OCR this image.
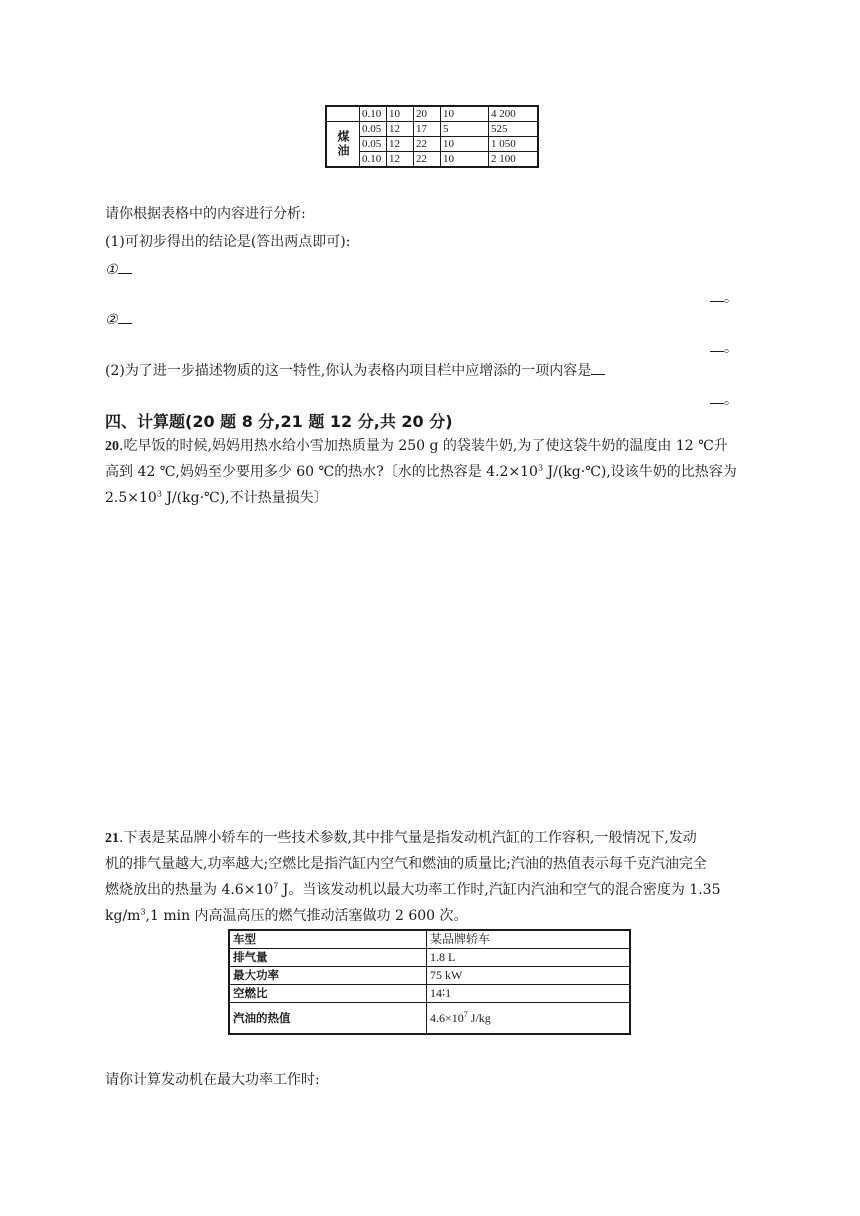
	0.10	10	20	10	4 200
煤油	0.05	12	17	5	525
	0.05	12	22	10	1 050
	0.10	12	22	10	2 100
请你根据表格中的内容进行分析:
(1)可初步得出的结论是(答出两点即可):
①
。
②
。
(2)为了进一步描述物质的这一特性,你认为表格内项目栏中应增添的一项内容是
。
四、计算题(20 题 8 分,21 题 12 分,共 20 分)
20.吃早饭的时候,妈妈用热水给小雪加热质量为 250 g 的袋装牛奶,为了使这袋牛奶的温度由 12 ℃升
高到 42 ℃,妈妈至少要用多少 60 ℃的热水?〔水的比热容是 $4.2\times 10^3$ J/(kg·℃),设该牛奶的比热容为
$2.5\times 10^3$ J/(kg·℃),不计热量损失〕
21.下表是某品牌小轿车的一些技术参数,其中排气量是指发动机汽缸的工作容积,一般情况下,发动
机的排气量越大,功率越大;空燃比是指汽缸内空气和燃油的质量比;汽油的热值表示每千克汽油完全
燃烧放出的热量为 $4.6\times 10^7$ J。当该发动机以最大功率工作时,汽缸内汽油和空气的混合密度为 1.35
$kg/m^3,1$ min 内高温高压的燃气推动活塞做功 2 600 次。
车型	某品牌轿车
排气量	1.8 L
最大功率	75 kW
空燃比	14∶1
汽油的热值	$4.6\times 10^7$ J/kg
请你计算发动机在最大功率工作时:
